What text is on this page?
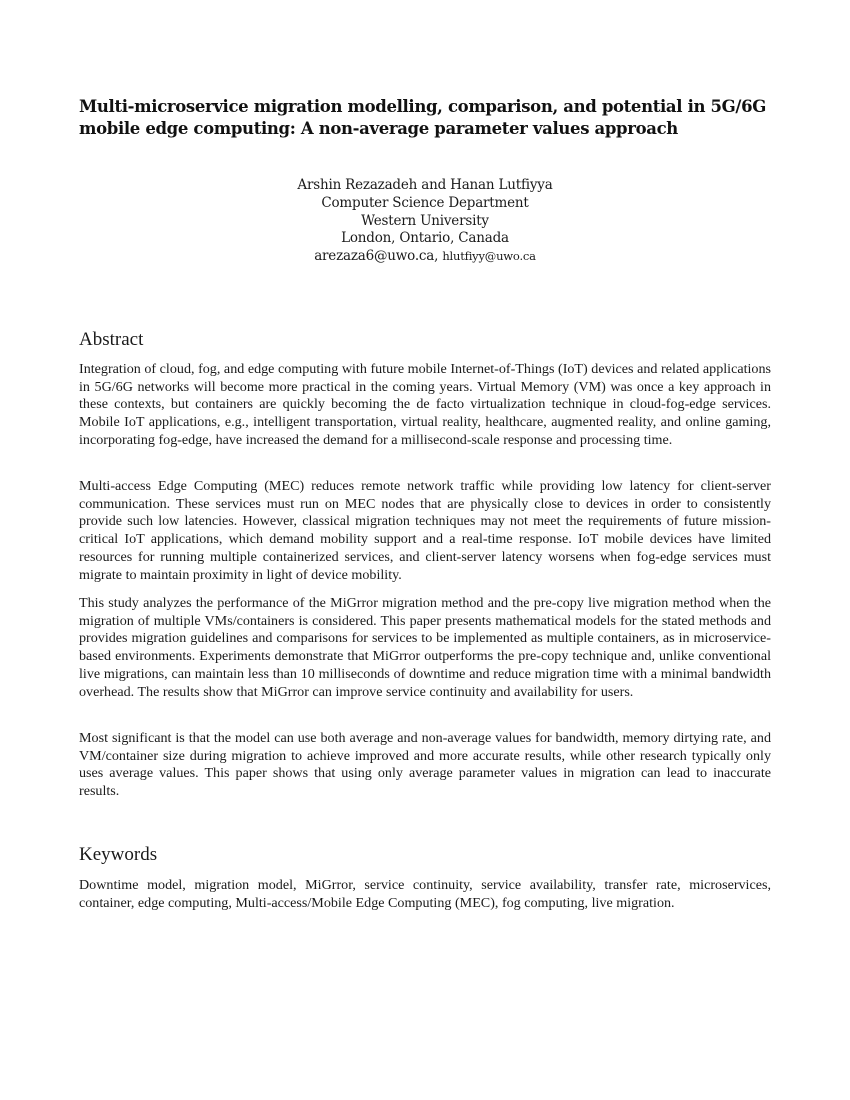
Multi-microservice migration modelling, comparison, and potential in 5G/6G mobile edge computing: A non-average parameter values approach
Arshin Rezazadeh and Hanan Lutfiyya
Computer Science Department
Western University
London, Ontario, Canada
arezaza6@uwo.ca, hlutfiyy@uwo.ca
Abstract

Integration of cloud, fog, and edge computing with future mobile Internet-of-Things (IoT) devices and related applications in 5G/6G networks will become more practical in the coming years. Virtual Memory (VM) was once a key approach in these contexts, but containers are quickly becoming the de facto virtualization technique in cloud-fog-edge services. Mobile IoT applications, e.g., intelligent transportation, virtual reality, healthcare, augmented reality, and online gaming, incorporating fog-edge, have increased the demand for a millisecond-scale response and processing time.

Multi-access Edge Computing (MEC) reduces remote network traffic while providing low latency for client-server communication. These services must run on MEC nodes that are physically close to devices in order to consistently provide such low latencies. However, classical migration techniques may not meet the requirements of future mission-critical IoT applications, which demand mobility support and a real-time response. IoT mobile devices have limited resources for running multiple containerized services, and client-server latency worsens when fog-edge services must migrate to maintain proximity in light of device mobility.

This study analyzes the performance of the MiGrror migration method and the pre-copy live migration method when the migration of multiple VMs/containers is considered. This paper presents mathematical models for the stated methods and provides migration guidelines and comparisons for services to be implemented as multiple containers, as in microservice-based environments. Experiments demonstrate that MiGrror outperforms the pre-copy technique and, unlike conventional live migrations, can maintain less than 10 milliseconds of downtime and reduce migration time with a minimal bandwidth overhead. The results show that MiGrror can improve service continuity and availability for users.

Most significant is that the model can use both average and non-average values for bandwidth, memory dirtying rate, and VM/container size during migration to achieve improved and more accurate results, while other research typically only uses average values. This paper shows that using only average parameter values in migration can lead to inaccurate results.

Keywords

Downtime model, migration model, MiGrror, service continuity, service availability, transfer rate, microservices, container, edge computing, Multi-access/Mobile Edge Computing (MEC), fog computing, live migration.
